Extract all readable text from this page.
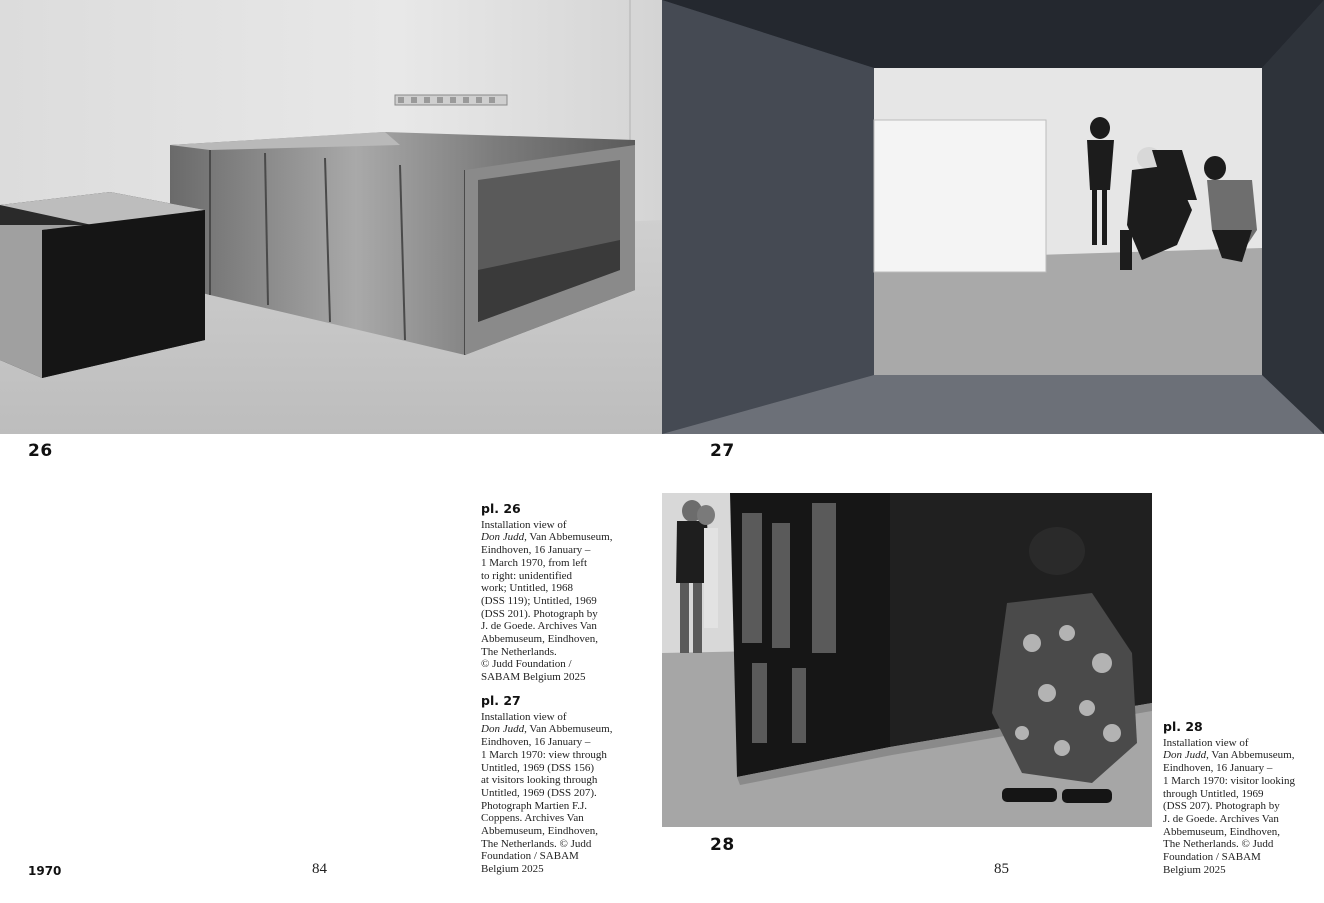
26	27
28
pl. 26
Installation view of
Don Judd, Van Abbemuseum,
Eindhoven, 16 January –
1 March 1970, from left
to right: unidentified
work; Untitled, 1968
(DSS 119); Untitled, 1969
(DSS 201). Photograph by
J. de Goede. Archives Van
Abbemuseum, Eindhoven,
The Netherlands.
© Judd Foundation /
SABAM Belgium 2025
pl. 27
Installation view of
Don Judd, Van Abbemuseum,
Eindhoven, 16 January –
1 March 1970: view through
Untitled, 1969 (DSS 156)
at visitors looking through
Untitled, 1969 (DSS 207).
Photograph Martien F.J.
Coppens. Archives Van
Abbemuseum, Eindhoven,
The Netherlands. © Judd
Foundation / SABAM
Belgium 2025
pl. 28
Installation view of
Don Judd, Van Abbemuseum,
Eindhoven, 16 January –
1 March 1970: visitor looking
through Untitled, 1969
(DSS 207). Photograph by
J. de Goede. Archives Van
Abbemuseum, Eindhoven,
The Netherlands. © Judd
Foundation / SABAM
Belgium 2025
1970	84	85
